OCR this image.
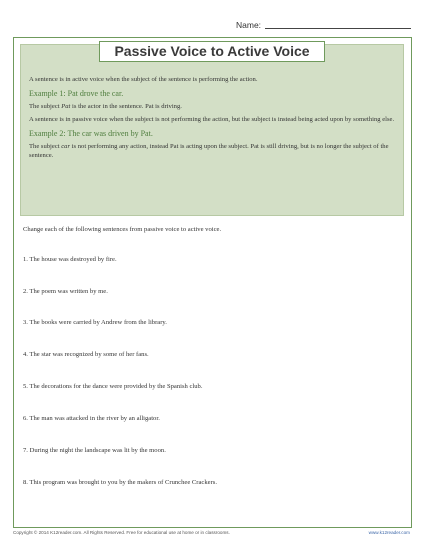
Name:

A sentence is in active voice when the subject of the sentence is performing the action.

Example 1: Pat drove the car.

The subject Pat is the actor in the sentence. Pat is driving.

A sentence is in passive voice when the subject is not performing the action, but the subject is instead being acted upon by something else.

Example 2: The car was driven by Pat.

The subject car is not performing any action, instead Pat is acting upon the subject. Pat is still driving, but is no longer the subject of the sentence.

Passive Voice to Active Voice
Change each of the following sentences from passive voice to active voice.
1. The house was destroyed by fire.
2. The poem was written by me.
3. The books were carried by Andrew from the library.
4. The star was recognized by some of her fans.
5. The decorations for the dance were provided by the Spanish club.
6. The man was attacked in the river by an alligator.
7. During the night the landscape was lit by the moon.
8. This program was brought to you by the makers of Crunchee Crackers.
Copyright © 2014 K12reader.com. All Rights Reserved. Free for educational use at home or in classrooms.	www.k12reader.com
